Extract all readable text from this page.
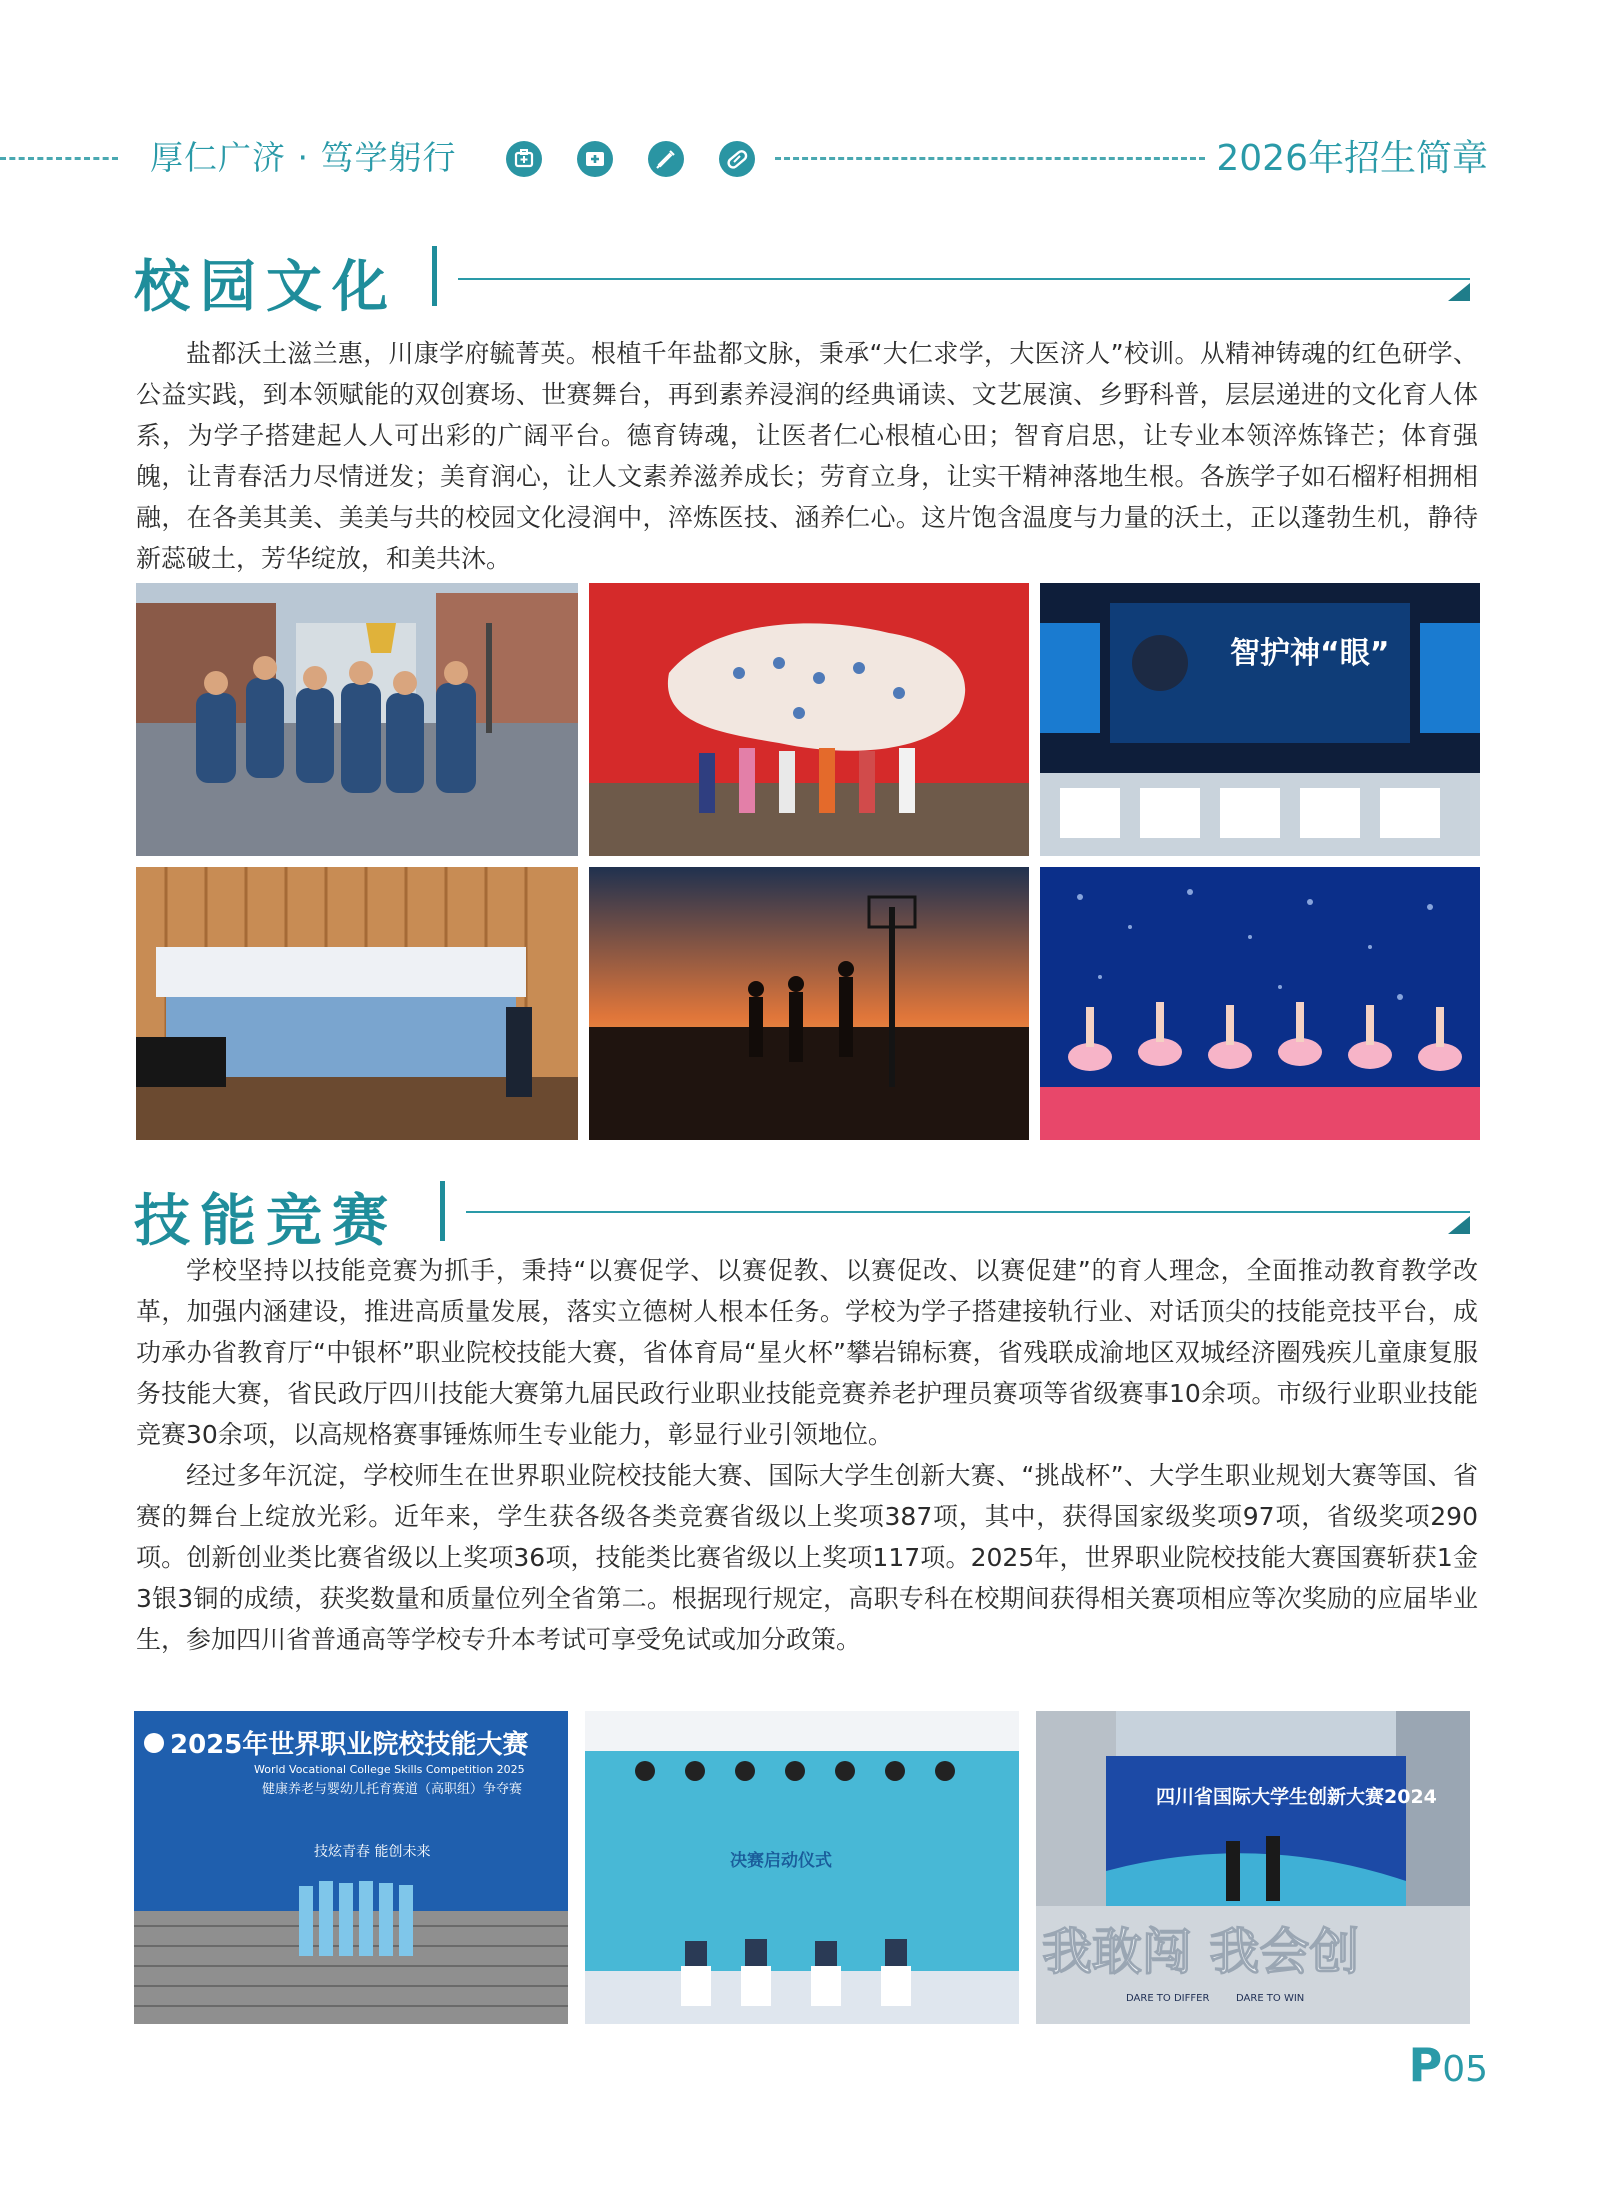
厚仁广济 · 笃学躬行	2026年招生简章
校园文化

盐都沃土滋兰惠，川康学府毓菁英。根植千年盐都文脉，秉承“大仁求学，大医济人”校训。从精神铸魂的红色研学、公益实践，到本领赋能的双创赛场、世赛舞台，再到素养浸润的经典诵读、文艺展演、乡野科普，层层递进的文化育人体系，为学子搭建起人人可出彩的广阔平台。德育铸魂，让医者仁心根植心田；智育启思，让专业本领淬炼锋芒；体育强魄，让青春活力尽情迸发；美育润心，让人文素养滋养成长；劳育立身，让实干精神落地生根。各族学子如石榴籽相拥相融，在各美其美、美美与共的校园文化浸润中，淬炼医技、涵养仁心。这片饱含温度与力量的沃土，正以蓬勃生机，静待新蕊破土，芳华绽放，和美共沐。

智护神“眼”
技能竞赛

学校坚持以技能竞赛为抓手，秉持“以赛促学、以赛促教、以赛促改、以赛促建”的育人理念，全面推动教育教学改革，加强内涵建设，推进高质量发展，落实立德树人根本任务。学校为学子搭建接轨行业、对话顶尖的技能竞技平台，成功承办省教育厅“中银杯”职业院校技能大赛，省体育局“星火杯”攀岩锦标赛，省残联成渝地区双城经济圈残疾儿童康复服务技能大赛，省民政厅四川技能大赛第九届民政行业职业技能竞赛养老护理员赛项等省级赛事10余项。市级行业职业技能竞赛30余项，以高规格赛事锤炼师生专业能力，彰显行业引领地位。

经过多年沉淀，学校师生在世界职业院校技能大赛、国际大学生创新大赛、“挑战杯”、大学生职业规划大赛等国、省赛的舞台上绽放光彩。近年来，学生获各级各类竞赛省级以上奖项387项，其中，获得国家级奖项97项，省级奖项290项。创新创业类比赛省级以上奖项36项，技能类比赛省级以上奖项117项。2025年，世界职业院校技能大赛国赛斩获1金3银3铜的成绩，获奖数量和质量位列全省第二。根据现行规定，高职专科在校期间获得相关赛项相应等次奖励的应届毕业生，参加四川省普通高等学校专升本考试可享受免试或加分政策。

2025年世界职业院校技能大赛
World Vocational College Skills Competition 2025
健康养老与婴幼儿托育赛道（高职组）争夺赛
技炫青春 能创未来	决赛启动仪式
四川省国际大学生创新大赛2024
我敢闯 我会创
DARE TO DIFFER	DARE TO WIN
P05
